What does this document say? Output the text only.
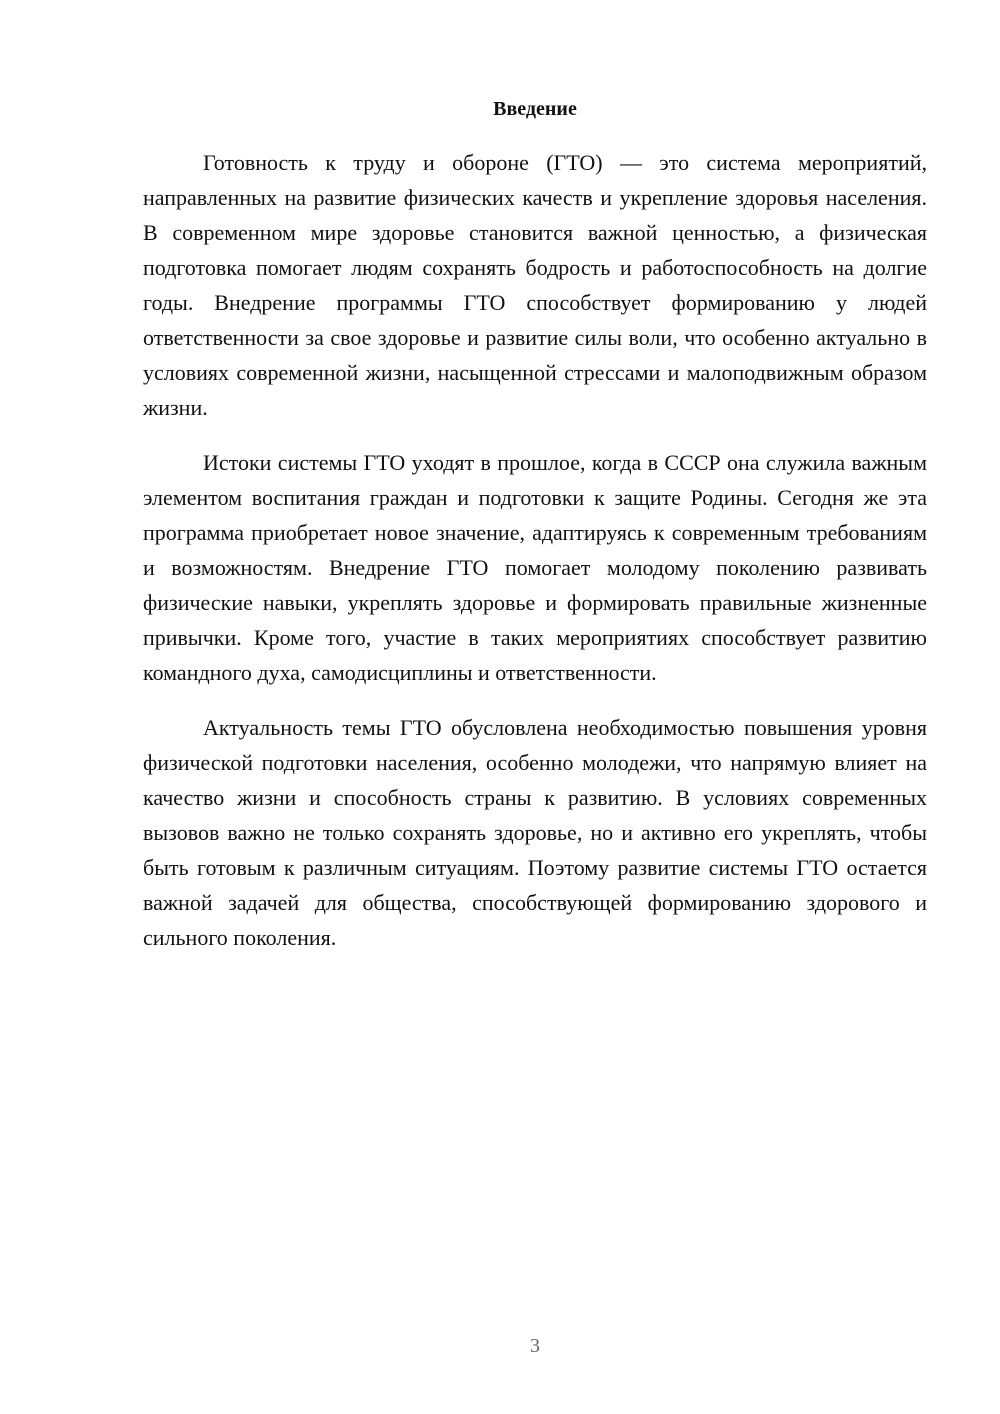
Введение

Готовность к труду и обороне (ГТО) — это система мероприятий, направленных на развитие физических качеств и укрепление здоровья населения. В современном мире здоровье становится важной ценностью, а физическая подготовка помогает людям сохранять бодрость и работоспособность на долгие годы. Внедрение программы ГТО способствует формированию у людей ответственности за свое здоровье и развитие силы воли, что особенно актуально в условиях современной жизни, насыщенной стрессами и малоподвижным образом жизни.

Истоки системы ГТО уходят в прошлое, когда в СССР она служила важным элементом воспитания граждан и подготовки к защите Родины. Сегодня же эта программа приобретает новое значение, адаптируясь к современным требованиям и возможностям. Внедрение ГТО помогает молодому поколению развивать физические навыки, укреплять здоровье и формировать правильные жизненные привычки. Кроме того, участие в таких мероприятиях способствует развитию командного духа, самодисциплины и ответственности.

Актуальность темы ГТО обусловлена необходимостью повышения уровня физической подготовки населения, особенно молодежи, что напрямую влияет на качество жизни и способность страны к развитию. В условиях современных вызовов важно не только сохранять здоровье, но и активно его укреплять, чтобы быть готовым к различным ситуациям. Поэтому развитие системы ГТО остается важной задачей для общества, способствующей формированию здорового и сильного поколения.

3
